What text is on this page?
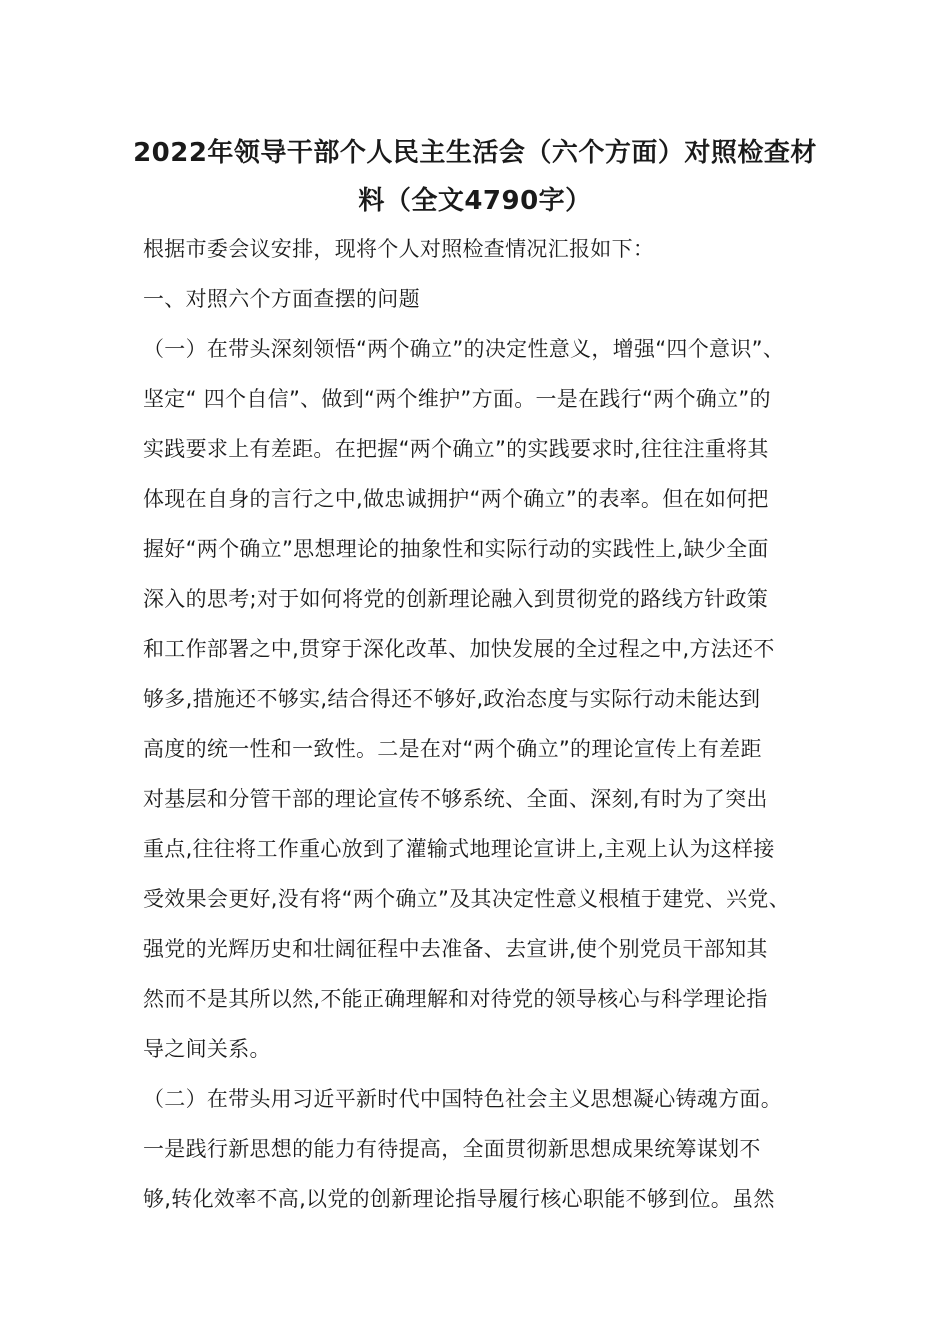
2022年领导干部个人民主生活会（六个方面）对照检查材
料（全文4790字）
根据市委会议安排，现将个人对照检查情况汇报如下：
一、对照六个方面查摆的问题
（一）在带头深刻领悟“两个确立”的决定性意义，增强“四个意识”、
坚定“ 四个自信”、做到“两个维护”方面。一是在践行“两个确立”的
实践要求上有差距。在把握“两个确立”的实践要求时,往往注重将其
体现在自身的言行之中,做忠诚拥护“两个确立”的表率。但在如何把
握好“两个确立”思想理论的抽象性和实际行动的实践性上,缺少全面
深入的思考;对于如何将党的创新理论融入到贯彻党的路线方针政策
和工作部署之中,贯穿于深化改革、加快发展的全过程之中,方法还不
够多,措施还不够实,结合得还不够好,政治态度与实际行动未能达到
高度的统一性和一致性。二是在对“两个确立”的理论宣传上有差距
对基层和分管干部的理论宣传不够系统、全面、深刻,有时为了突出
重点,往往将工作重心放到了灌输式地理论宣讲上,主观上认为这样接
受效果会更好,没有将“两个确立”及其决定性意义根植于建党、兴党、
强党的光辉历史和壮阔征程中去准备、去宣讲,使个别党员干部知其
然而不是其所以然,不能正确理解和对待党的领导核心与科学理论指
导之间关系。
（二）在带头用习近平新时代中国特色社会主义思想凝心铸魂方面。
一是践行新思想的能力有待提高，全面贯彻新思想成果统筹谋划不
够,转化效率不高,以党的创新理论指导履行核心职能不够到位。虽然
